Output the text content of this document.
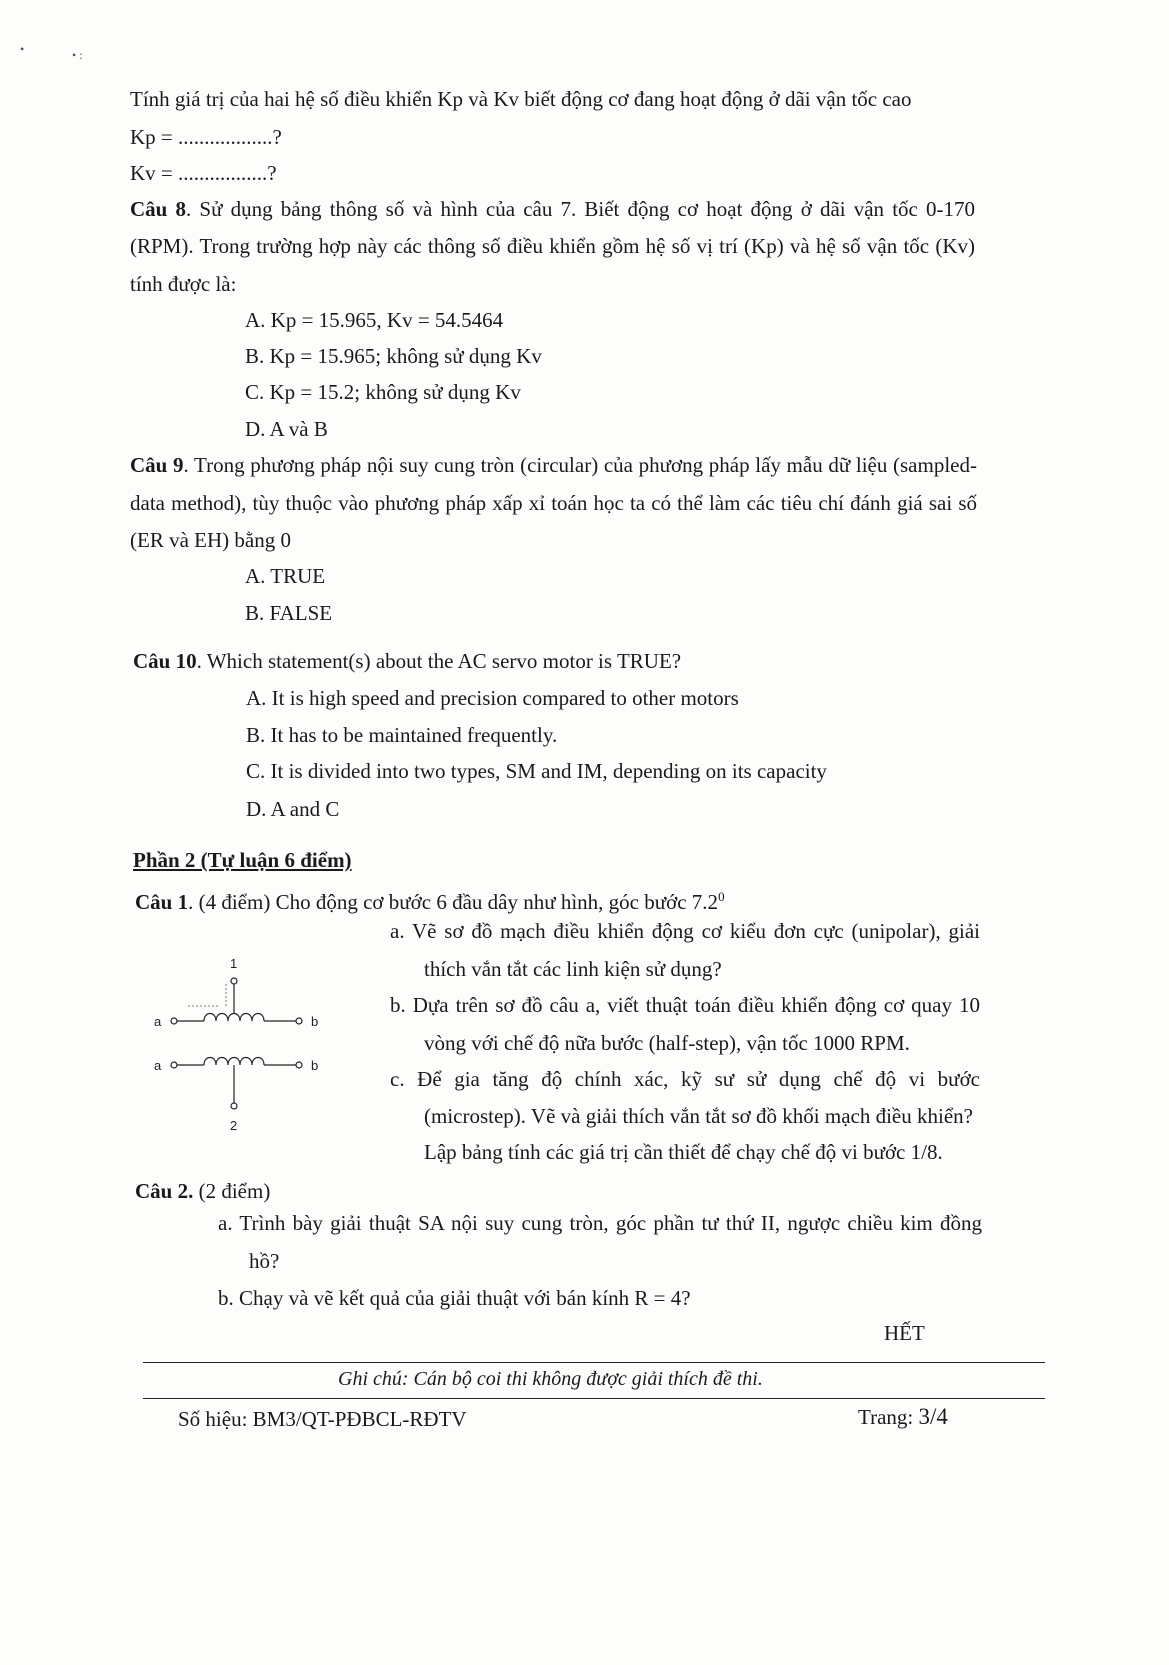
•	• :
Tính giá trị của hai hệ số điều khiển Kp và Kv biết động cơ đang hoạt động ở dãi vận tốc cao
Kp = ..................?
Kv = .................?
Câu 8. Sử dụng bảng thông số và hình của câu 7. Biết động cơ hoạt động ở dãi vận tốc 0-170
(RPM). Trong trường hợp này các thông số điều khiển gồm hệ số vị trí (Kp) và hệ số vận tốc (Kv)
tính được là:
A. Kp = 15.965, Kv = 54.5464
B. Kp = 15.965; không sử dụng Kv
C. Kp = 15.2; không sử dụng Kv
D. A và B
Câu 9. Trong phương pháp nội suy cung tròn (circular) của phương pháp lấy mẫu dữ liệu (sampled-
data method), tùy thuộc vào phương pháp xấp xỉ toán học ta có thể làm các tiêu chí đánh giá sai số
(ER và EH) bằng 0
A. TRUE
B. FALSE
Câu 10. Which statement(s) about the AC servo motor is TRUE?
A. It is high speed and precision compared to other motors
B. It has to be maintained frequently.
C. It is divided into two types, SM and IM, depending on its capacity
D. A and C
Phần 2 (Tự luận 6 điểm)
Câu 1. (4 điểm) Cho động cơ bước 6 đầu dây như hình, góc bước $7.2^0$
1
a	b
a	b
2
a. Vẽ sơ đồ mạch điều khiển động cơ kiểu đơn cực (unipolar), giải
thích vắn tắt các linh kiện sử dụng?
b. Dựa trên sơ đồ câu a, viết thuật toán điều khiển động cơ quay 10
vòng với chế độ nữa bước (half-step), vận tốc 1000 RPM.
c. Để gia tăng độ chính xác, kỹ sư sử dụng chế độ vi bước
(microstep). Vẽ và giải thích vắn tắt sơ đồ khối mạch điều khiển?
Lập bảng tính các giá trị cần thiết để chạy chế độ vi bước 1/8.
Câu 2. (2 điểm)
a. Trình bày giải thuật SA nội suy cung tròn, góc phần tư thứ II, ngược chiều kim đồng
hồ?
b. Chạy và vẽ kết quả của giải thuật với bán kính R = 4?
HẾT
Ghi chú: Cán bộ coi thi không được giải thích đề thi.
Số hiệu: BM3/QT-PĐBCL-RĐTV	Trang: 3/4
